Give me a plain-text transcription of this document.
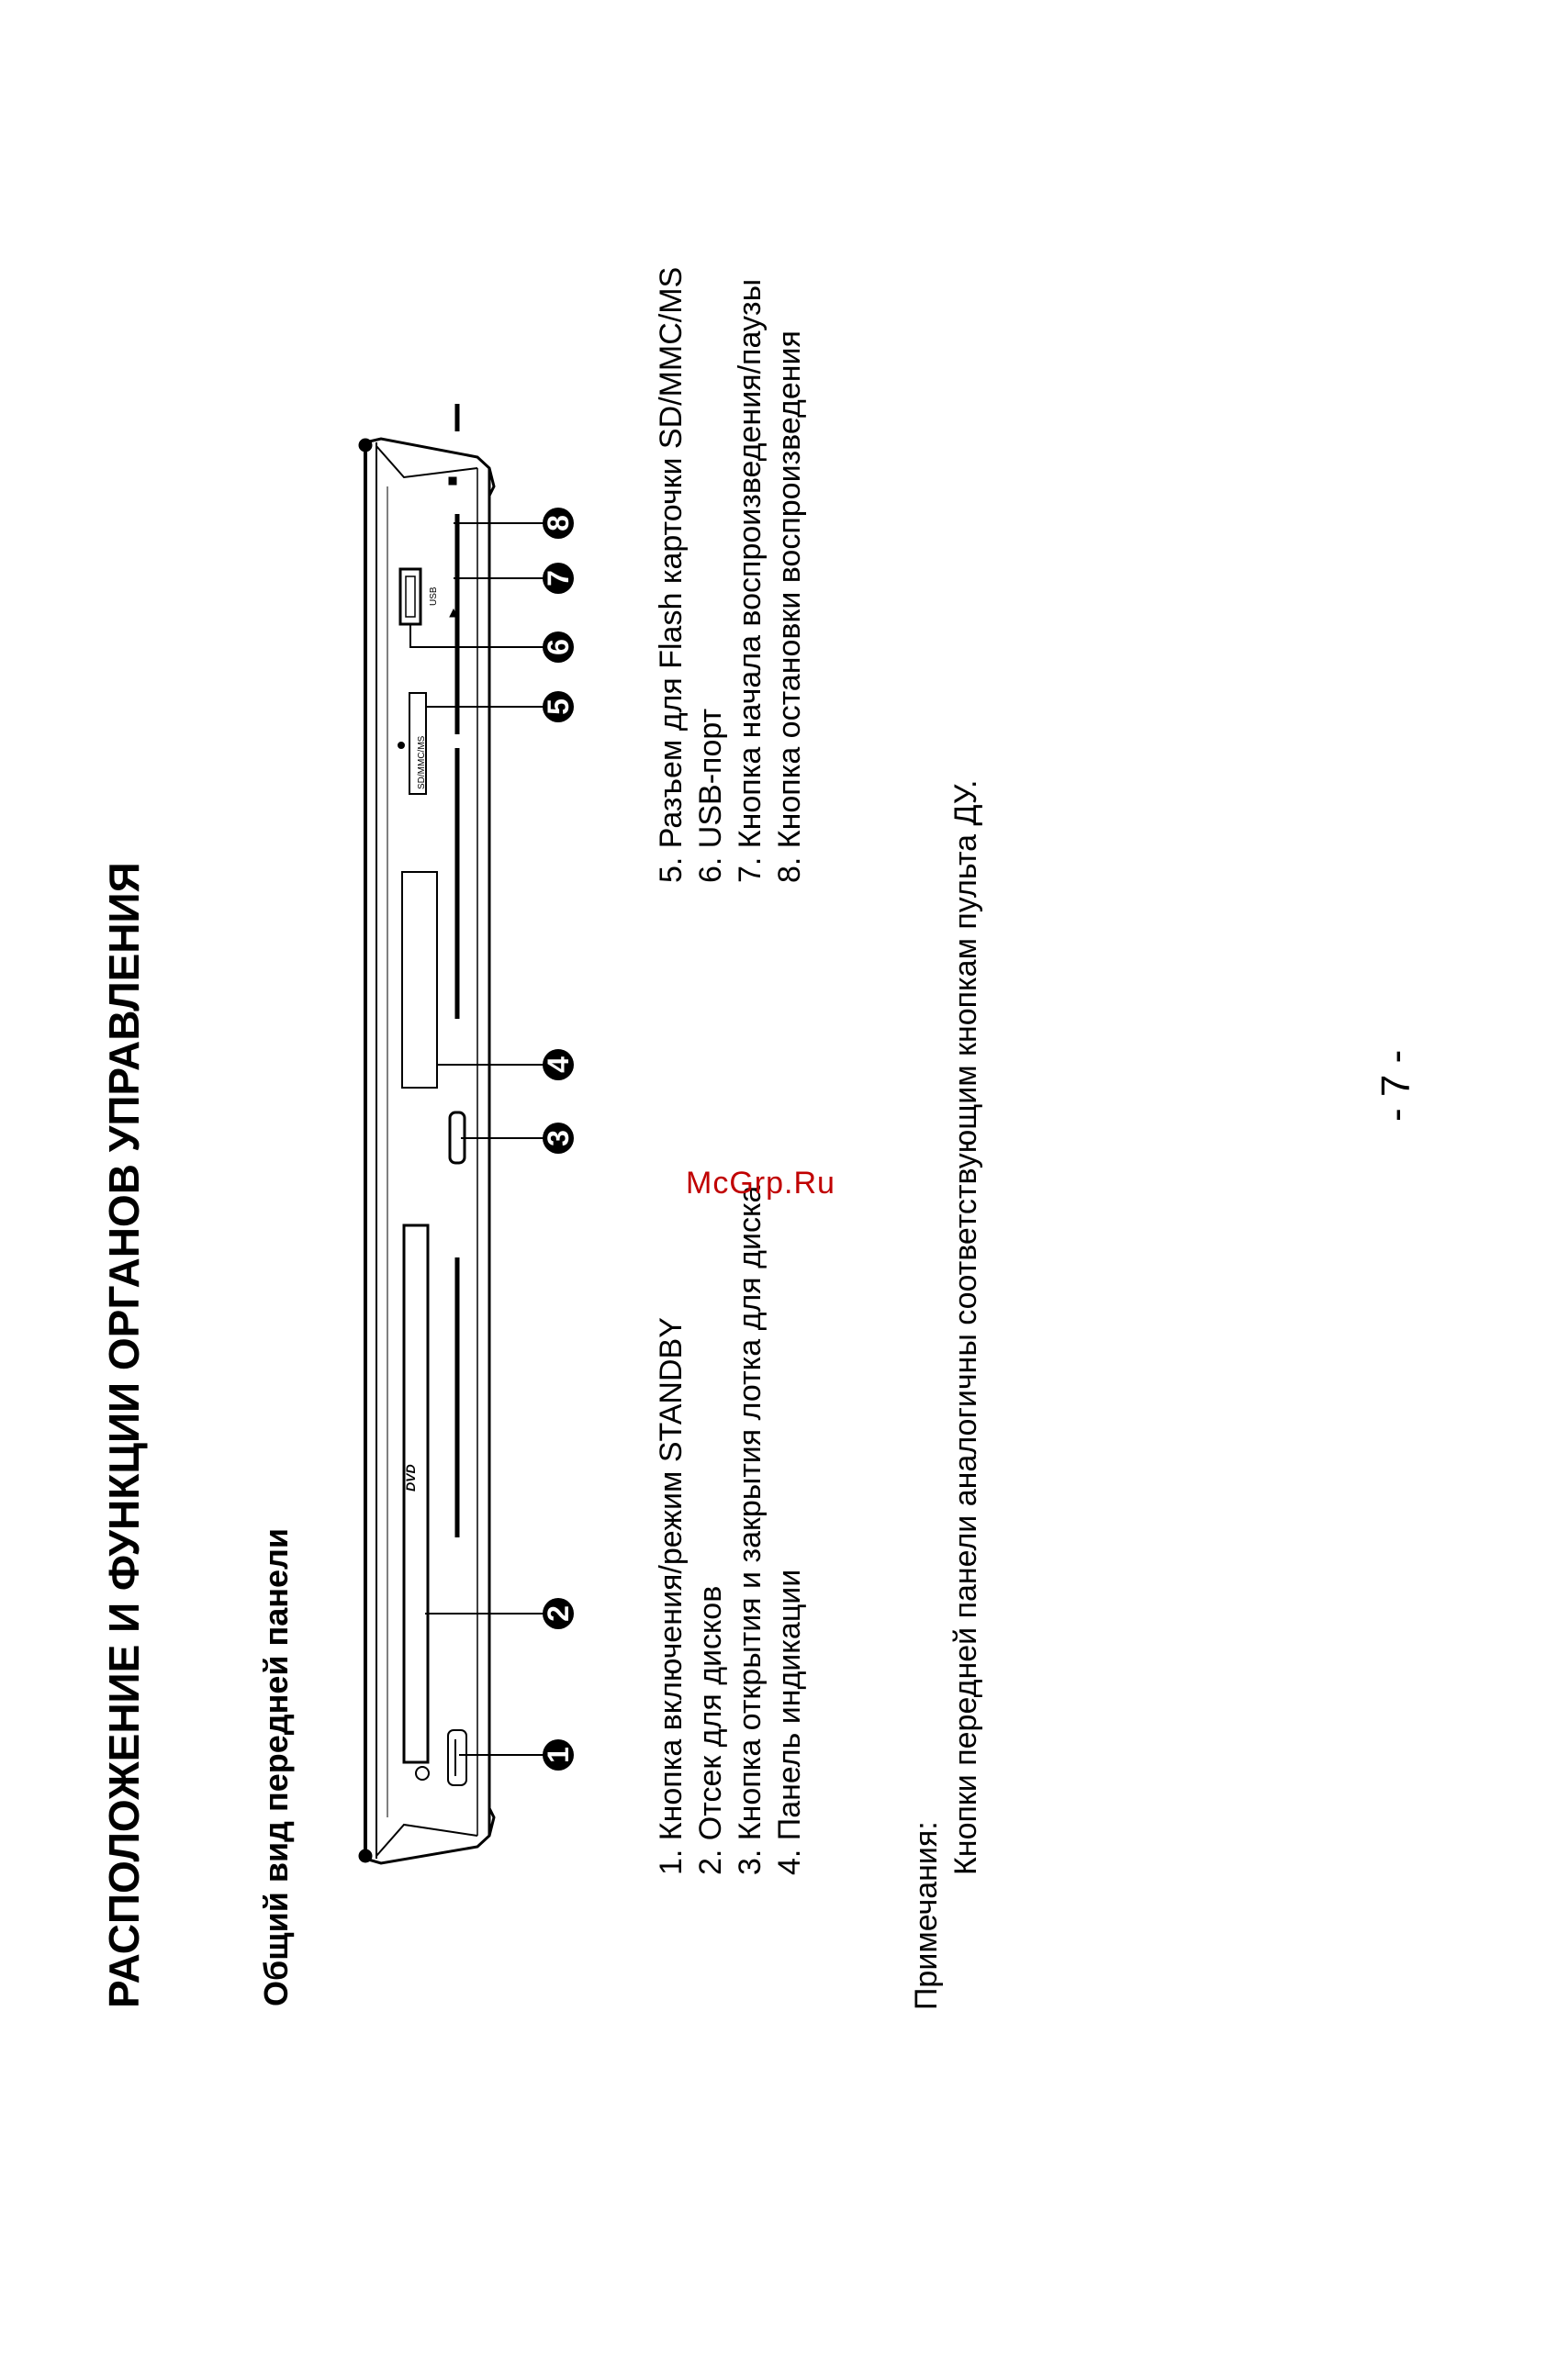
РАСПОЛОЖЕНИЕ И ФУНКЦИИ ОРГАНОВ УПРАВЛЕНИЯ	Общий вид передней панели
DVD
SD/MMC/MS
USB
1
2
3
4
5
6
7
8
1. Кнопка включения/режим STANDBY 2. Отсек для дисков 3. Кнопка открытия и закрытия лотка для диска 4. Панель индикации
5. Разъем для Flash карточки SD/MMC/MS 6. USB-порт 7. Кнопка начала воспроизведения/паузы 8. Кнопка остановки воспроизведения
McGrp.Ru
Примечания:
Кнопки передней панели аналогичны соответствующим кнопкам пульта ДУ.	- 7 -
